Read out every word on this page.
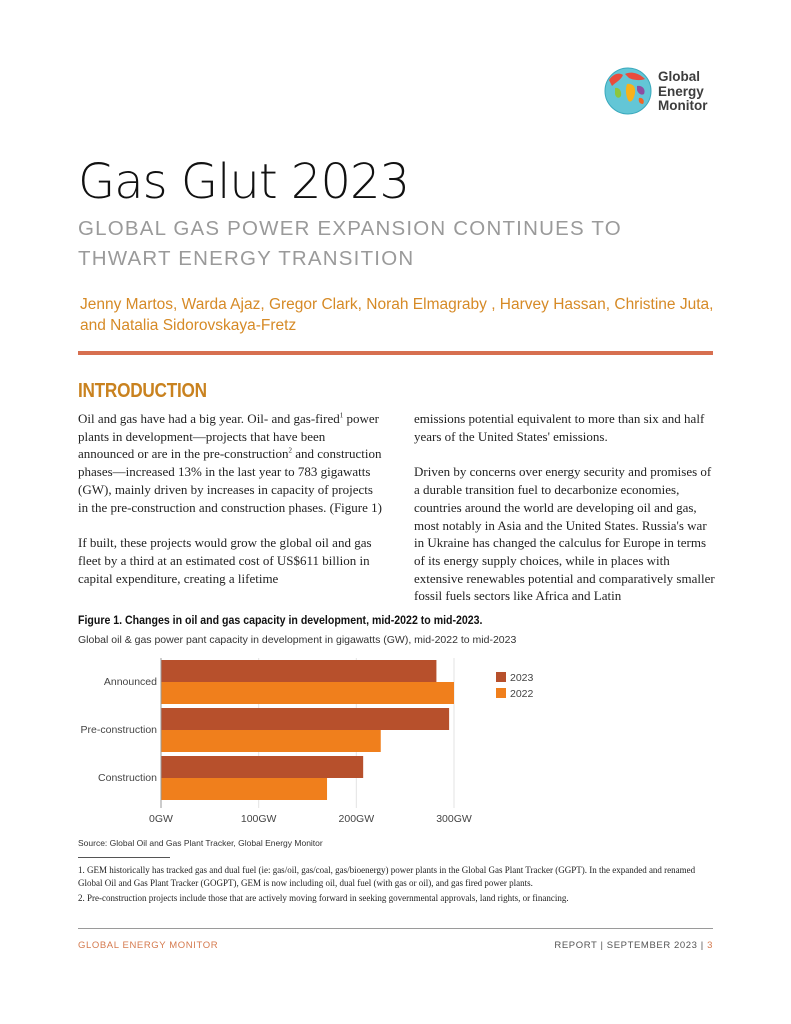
Global
Energy
Monitor
Gas Glut 2023

GLOBAL GAS POWER EXPANSION CONTINUES TO THWART ENERGY TRANSITION

Jenny Martos, Warda Ajaz, Gregor Clark, Norah Elmagraby , Harvey Hassan, Christine Juta, and Natalia Sidorovskaya-Fretz

INTRODUCTION

Oil and gas have had a big year. Oil- and gas-fired$^1$ power plants in development—projects that have been announced or are in the pre-construction$^2$ and construction phases—increased 13% in the last year to 783 gigawatts (GW), mainly driven by increases in capacity of projects in the pre-construction and construction phases. (Figure 1)

If built, these projects would grow the global oil and gas fleet by a third at an estimated cost of US$611 billion in capital expenditure, creating a lifetime

emissions potential equivalent to more than six and half years of the United States' emissions.

Driven by concerns over energy security and promises of a durable transition fuel to decarbonize economies, countries around the world are developing oil and gas, most notably in Asia and the United States. Russia's war in Ukraine has changed the calculus for Europe in terms of its energy supply choices, while in places with extensive renewables potential and comparatively smaller fossil fuels sectors like Africa and Latin

Figure 1. Changes in oil and gas capacity in development, mid-2022 to mid-2023.

Global oil & gas power pant capacity in development in gigawatts (GW), mid-2022 to mid-2023

0GW	100GW	200GW	300GW
Announced
Pre-construction
Construction
2023
2022

Source: Global Oil and Gas Plant Tracker, Global Energy Monitor

1. GEM historically has tracked gas and dual fuel (ie: gas/oil, gas/coal, gas/bioenergy) power plants in the Global Gas Plant Tracker (GGPT). In the expanded and renamed Global Oil and Gas Plant Tracker (GOGPT), GEM is now including oil, dual fuel (with gas or oil), and gas fired power plants.
2. Pre-construction projects include those that are actively moving forward in seeking governmental approvals, land rights, or financing.
GLOBAL ENERGY MONITOR	REPORT | SEPTEMBER 2023 | 3
